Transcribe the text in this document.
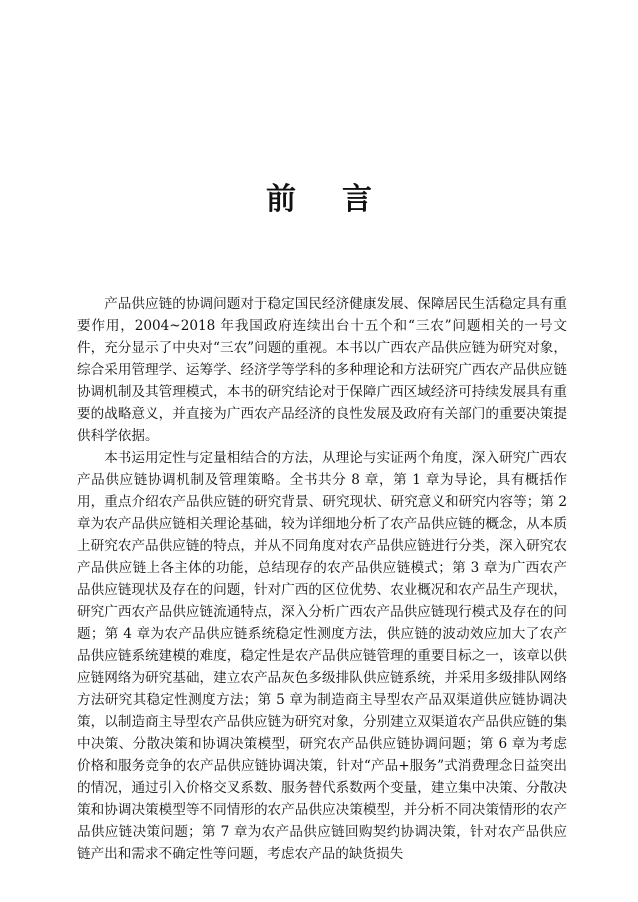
前言

产品供应链的协调问题对于稳定国民经济健康发展、保障居民生活稳定具有重要作用，2004~2018 年我国政府连续出台十五个和“三农”问题相关的一号文件，充分显示了中央对“三农”问题的重视。本书以广西农产品供应链为研究对象，综合采用管理学、运筹学、经济学等学科的多种理论和方法研究广西农产品供应链协调机制及其管理模式，本书的研究结论对于保障广西区域经济可持续发展具有重要的战略意义，并直接为广西农产品经济的良性发展及政府有关部门的重要决策提供科学依据。

本书运用定性与定量相结合的方法，从理论与实证两个角度，深入研究广西农产品供应链协调机制及管理策略。全书共分 8 章，第 1 章为导论，具有概括作用，重点介绍农产品供应链的研究背景、研究现状、研究意义和研究内容等；第 2 章为农产品供应链相关理论基础，较为详细地分析了农产品供应链的概念，从本质上研究农产品供应链的特点，并从不同角度对农产品供应链进行分类，深入研究农产品供应链上各主体的功能，总结现存的农产品供应链模式；第 3 章为广西农产品供应链现状及存在的问题，针对广西的区位优势、农业概况和农产品生产现状，研究广西农产品供应链流通特点，深入分析广西农产品供应链现行模式及存在的问题；第 4 章为农产品供应链系统稳定性测度方法，供应链的波动效应加大了农产品供应链系统建模的难度，稳定性是农产品供应链管理的重要目标之一，该章以供应链网络为研究基础，建立农产品灰色多级排队供应链系统，并采用多级排队网络方法研究其稳定性测度方法；第 5 章为制造商主导型农产品双渠道供应链协调决策，以制造商主导型农产品供应链为研究对象，分别建立双渠道农产品供应链的集中决策、分散决策和协调决策模型，研究农产品供应链协调问题；第 6 章为考虑价格和服务竞争的农产品供应链协调决策，针对“产品+服务”式消费理念日益突出的情况，通过引入价格交叉系数、服务替代系数两个变量，建立集中决策、分散决策和协调决策模型等不同情形的农产品供应决策模型，并分析不同决策情形的农产品供应链决策问题；第 7 章为农产品供应链回购契约协调决策，针对农产品供应链产出和需求不确定性等问题，考虑农产品的缺货损失
